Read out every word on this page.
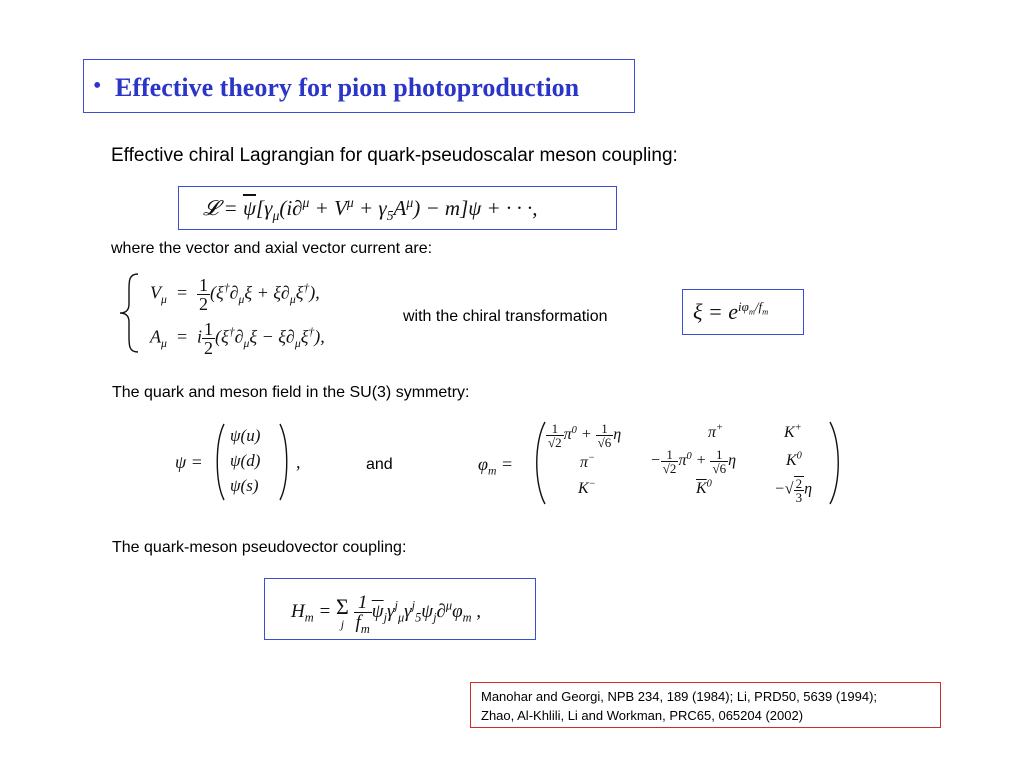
• Effective theory for pion photoproduction
Effective chiral Lagrangian for quark-pseudoscalar meson coupling:
𝓛 = $\overline{\psi}[\gamma_\mu(i\partial^\mu + V^\mu + \gamma_5A^\mu) - m]\psi$ + · · ·,
where the vector and axial vector current are:
$V_\mu = \frac{1}{2} (\xi^\dagger\partial_\mu\xi + \xi\partial_\mu\xi^\dagger)$,
$A_\mu = i \frac{1}{2} (\xi^\dagger\partial_\mu\xi - \xi\partial_\mu\xi^\dagger)$,
with the chiral transformation	$\xi = e^{i\varphi_m/f_m}$
The quark and meson field in the SU(3) symmetry:
ψ =
ψ(u)
ψ(d)
ψ(s)
,	and	$\varphi_m$ =
$\frac{1}{√2} \pi^0 + \frac{1}{√6}$ η	π+	K+
π−	− $\frac{1}{√2} \pi^0 + \frac{1}{√6}$ η	$K^0$
K−	$\overline{K}^0$	−√ $\frac{2}{3}$ η
The quark-meson pseudovector coupling:
$H_m = \Sigma$
j
$\frac{1}{f_m} \overline{\psi}_j\gamma^j_\mu\gamma^j_5\psi_j\partial^\mu\varphi_m$ ,
Manohar and Georgi, NPB 234, 189 (1984); Li, PRD50, 5639 (1994);
Zhao, Al-Khlili, Li and Workman, PRC65, 065204 (2002)
